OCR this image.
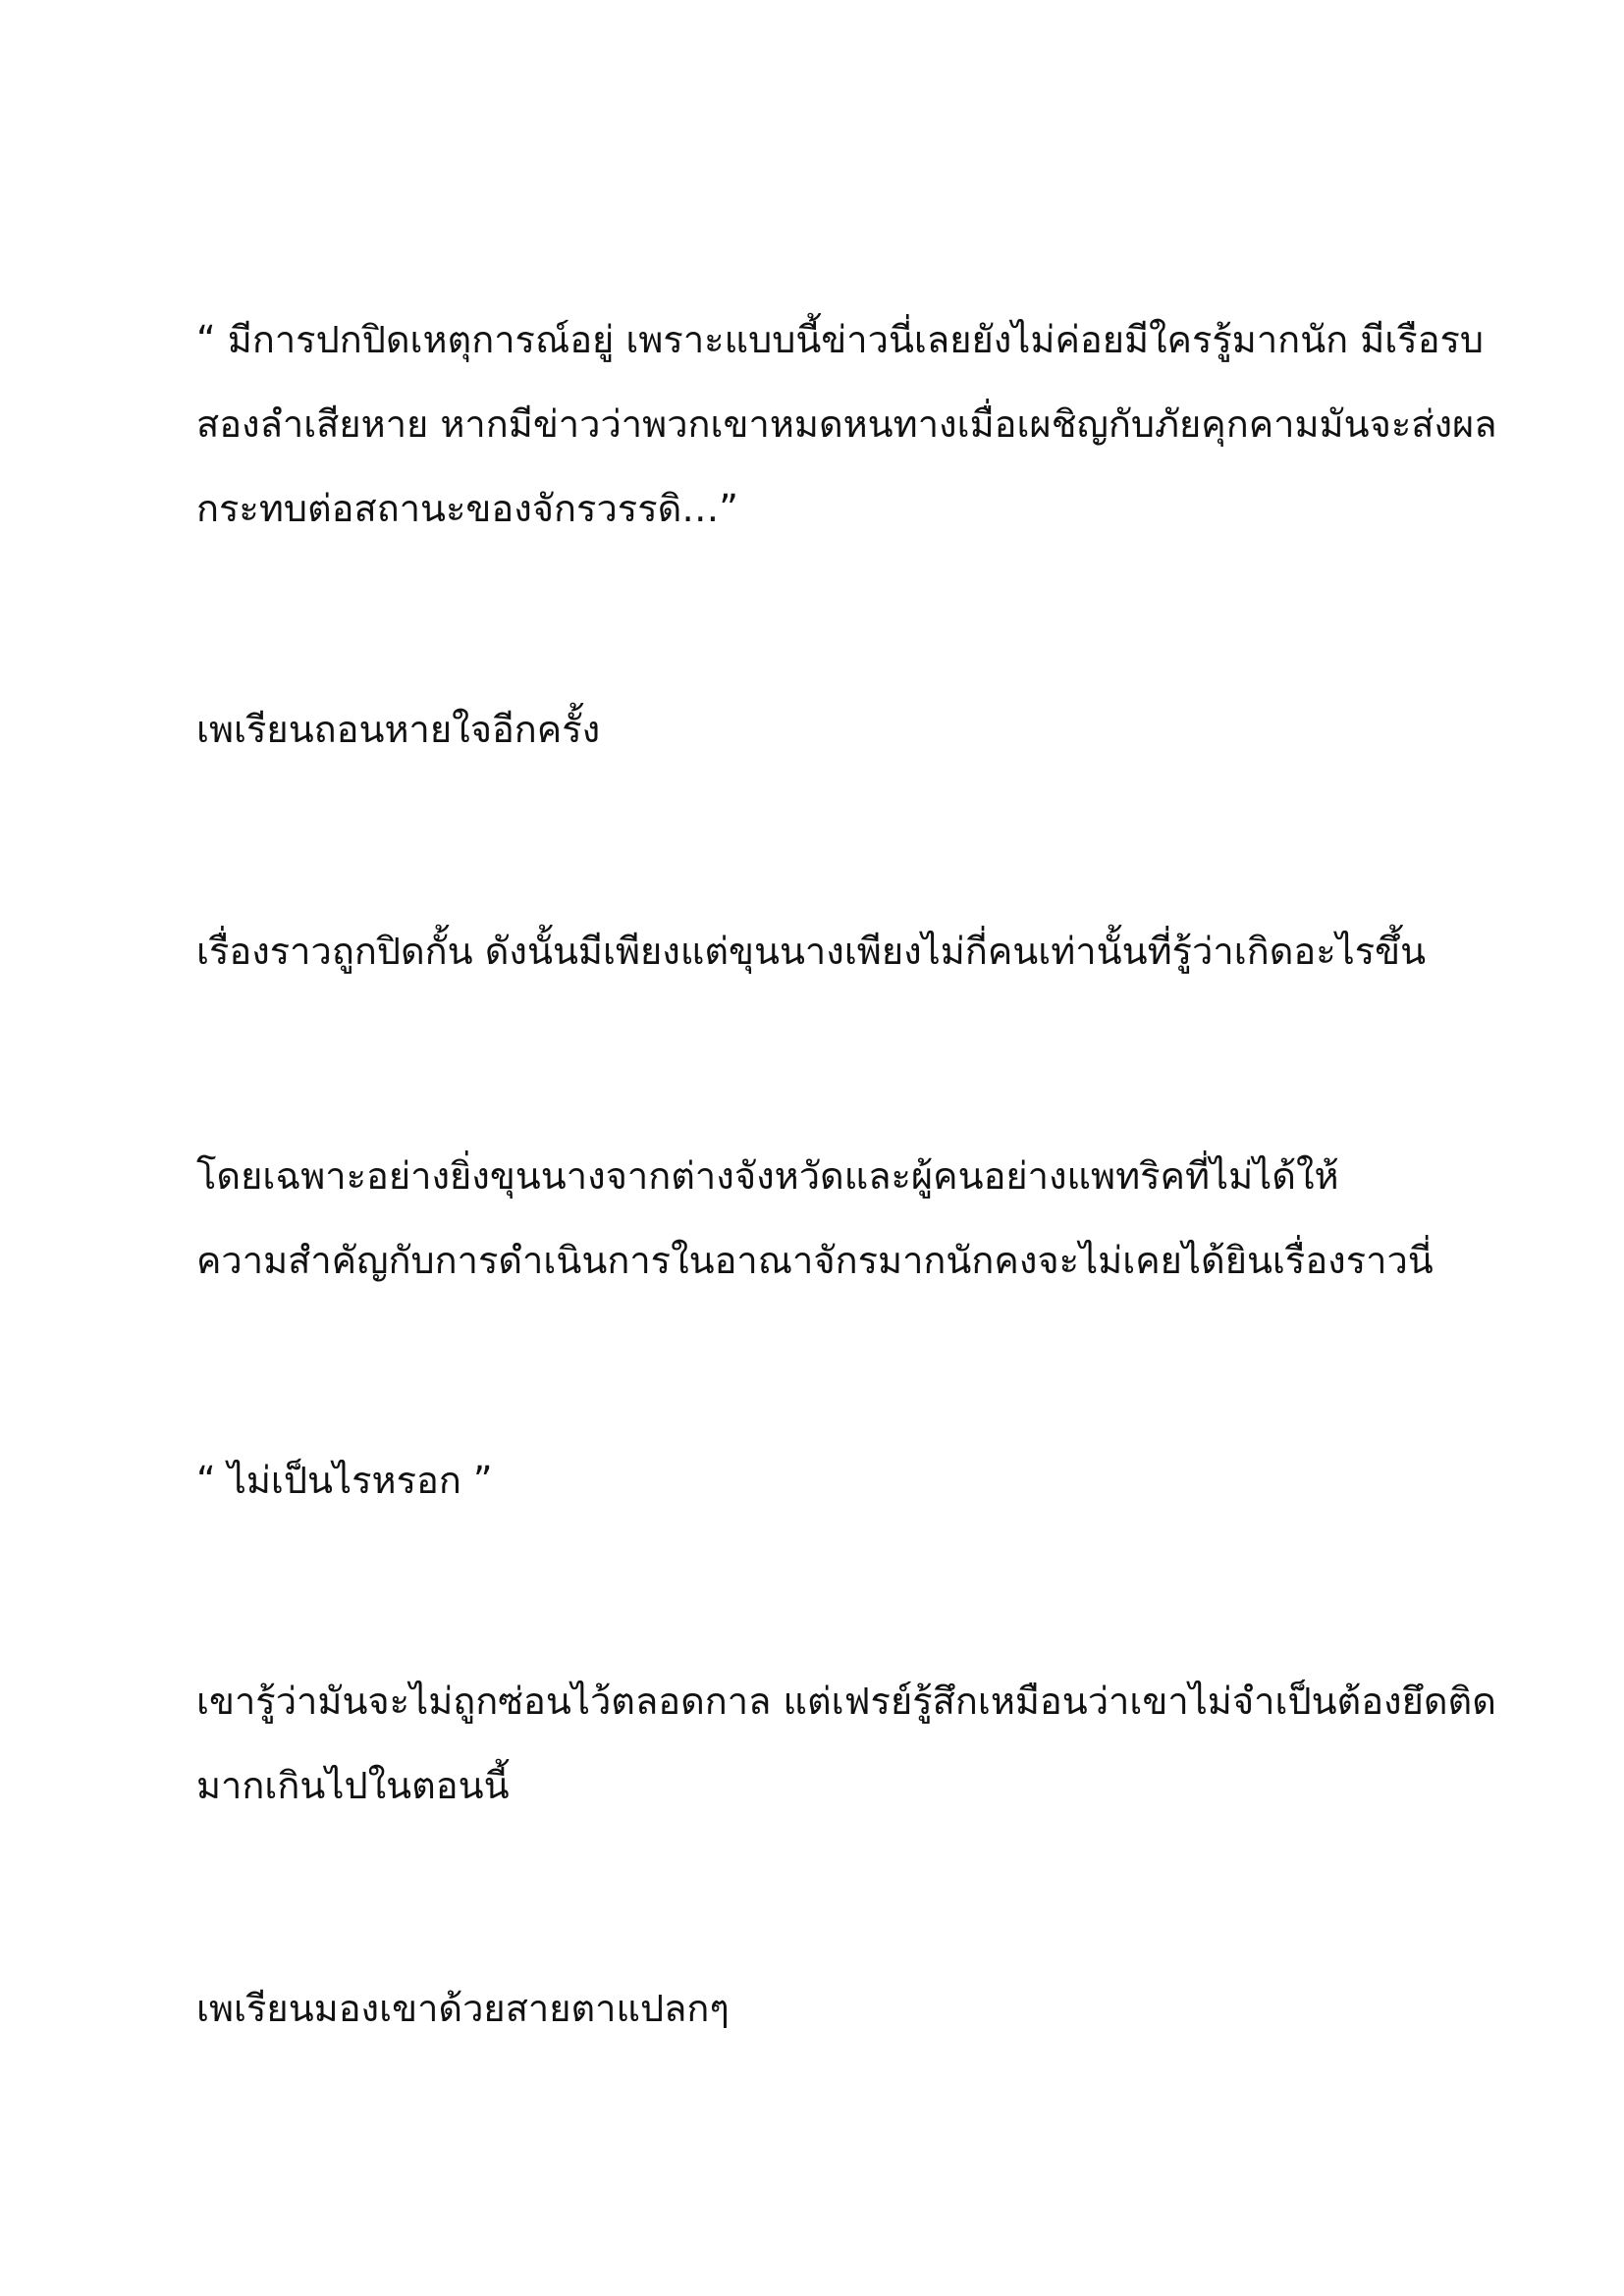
“ มีการปกปิดเหตุการณ์อยู่ เพราะแบบนี้ข่าวนี่เลยยังไม่ค่อยมีใครรู้มากนัก มีเรือรบ
สองลำเสียหาย หากมีข่าวว่าพวกเขาหมดหนทางเมื่อเผชิญกับภัยคุกคามมันจะส่งผล
กระทบต่อสถานะของจักรวรรดิ…”

เพเรียนถอนหายใจอีกครั้ง

เรื่องราวถูกปิดกั้น ดังนั้นมีเพียงแต่ขุนนางเพียงไม่กี่คนเท่านั้นที่รู้ว่าเกิดอะไรขึ้น

โดยเฉพาะอย่างยิ่งขุนนางจากต่างจังหวัดและผู้คนอย่างแพทริคที่ไม่ได้ให้
ความสำคัญกับการดำเนินการในอาณาจักรมากนักคงจะไม่เคยได้ยินเรื่องราวนี่

“ ไม่เป็นไรหรอก ”

เขารู้ว่ามันจะไม่ถูกซ่อนไว้ตลอดกาล แต่เฟรย์รู้สึกเหมือนว่าเขาไม่จำเป็นต้องยึดติด
มากเกินไปในตอนนี้

เพเรียนมองเขาด้วยสายตาแปลกๆ
